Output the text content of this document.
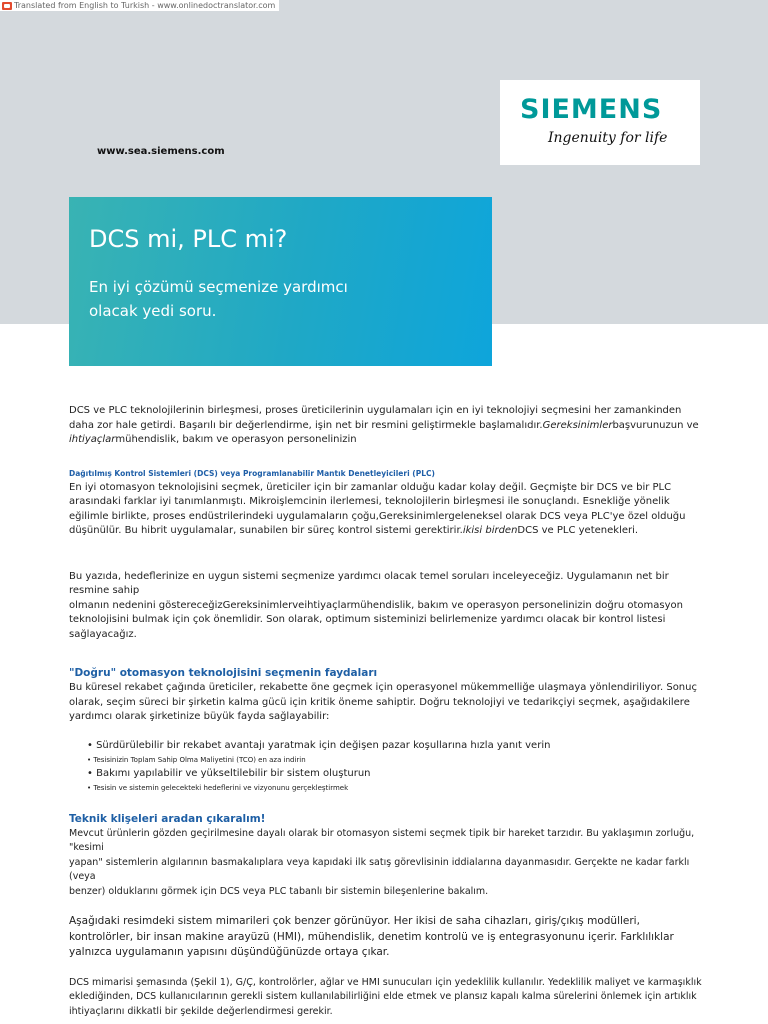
Translated from English to Turkish - www.onlinedoctranslator.com
SIEMENS
Ingenuity for life
www.sea.siemens.com
DCS mi, PLC mi?
En iyi çözümü seçmenize yardımcı
olacak yedi soru.

DCS ve PLC teknolojilerinin birleşmesi, proses üreticilerinin uygulamaları için en iyi teknolojiyi seçmesini her zamankinden
daha zor hale getirdi. Başarılı bir değerlendirme, işin net bir resmini geliştirmekle başlamalıdır.Gereksinimlerbaşvurunuzun ve
ihtiyaçlarmühendislik, bakım ve operasyon personelinizin

Dağıtılmış Kontrol Sistemleri (DCS) veya Programlanabilir Mantık Denetleyicileri (PLC)

En iyi otomasyon teknolojisini seçmek, üreticiler için bir zamanlar olduğu kadar kolay değil. Geçmişte bir DCS ve bir PLC
arasındaki farklar iyi tanımlanmıştı. Mikroişlemcinin ilerlemesi, teknolojilerin birleşmesi ile sonuçlandı. Esnekliğe yönelik
eğilimle birlikte, proses endüstrilerindeki uygulamaların çoğu,Gereksinimlergeleneksel olarak DCS veya PLC'ye özel olduğu
düşünülür. Bu hibrit uygulamalar, sunabilen bir süreç kontrol sistemi gerektirir.ikisi birdenDCS ve PLC yetenekleri.

Bu yazıda, hedeflerinize en uygun sistemi seçmenize yardımcı olacak temel soruları inceleyeceğiz. Uygulamanın net bir resmine sahip
olmanın nedenini göstereceğizGereksinimlerveihtiyaçlarmühendislik, bakım ve operasyon personelinizin doğru otomasyon
teknolojisini bulmak için çok önemlidir. Son olarak, optimum sisteminizi belirlemenize yardımcı olacak bir kontrol listesi sağlayacağız.

"Doğru" otomasyon teknolojisini seçmenin faydaları

Bu küresel rekabet çağında üreticiler, rekabette öne geçmek için operasyonel mükemmelliğe ulaşmaya yönlendiriliyor. Sonuç
olarak, seçim süreci bir şirketin kalma gücü için kritik öneme sahiptir. Doğru teknolojiyi ve tedarikçiyi seçmek, aşağıdakilere
yardımcı olarak şirketinize büyük fayda sağlayabilir:

• Sürdürülebilir bir rekabet avantajı yaratmak için değişen pazar koşullarına hızla yanıt verin
• Tesisinizin Toplam Sahip Olma Maliyetini (TCO) en aza indirin
• Bakımı yapılabilir ve yükseltilebilir bir sistem oluşturun
• Tesisin ve sistemin gelecekteki hedeflerini ve vizyonunu gerçekleştirmek
Teknik klişeleri aradan çıkaralım!

Mevcut ürünlerin gözden geçirilmesine dayalı olarak bir otomasyon sistemi seçmek tipik bir hareket tarzıdır. Bu yaklaşımın zorluğu, "kesimi
yapan" sistemlerin algılarının basmakalıplara veya kapıdaki ilk satış görevlisinin iddialarına dayanmasıdır. Gerçekte ne kadar farklı (veya
benzer) olduklarını görmek için DCS veya PLC tabanlı bir sistemin bileşenlerine bakalım.

Aşağıdaki resimdeki sistem mimarileri çok benzer görünüyor. Her ikisi de saha cihazları, giriş/çıkış modülleri,
kontrolörler, bir insan makine arayüzü (HMI), mühendislik, denetim kontrolü ve iş entegrasyonunu içerir. Farklılıklar
yalnızca uygulamanın yapısını düşündüğünüzde ortaya çıkar.

DCS mimarisi şemasında (Şekil 1), G/Ç, kontrolörler, ağlar ve HMI sunucuları için yedeklilik kullanılır. Yedeklilik maliyet ve karmaşıklık
eklediğinden, DCS kullanıcılarının gerekli sistem kullanılabilirliğini elde etmek ve plansız kapalı kalma sürelerini önlemek için artıklık
ihtiyaçlarını dikkatli bir şekilde değerlendirmesi gerekir.
